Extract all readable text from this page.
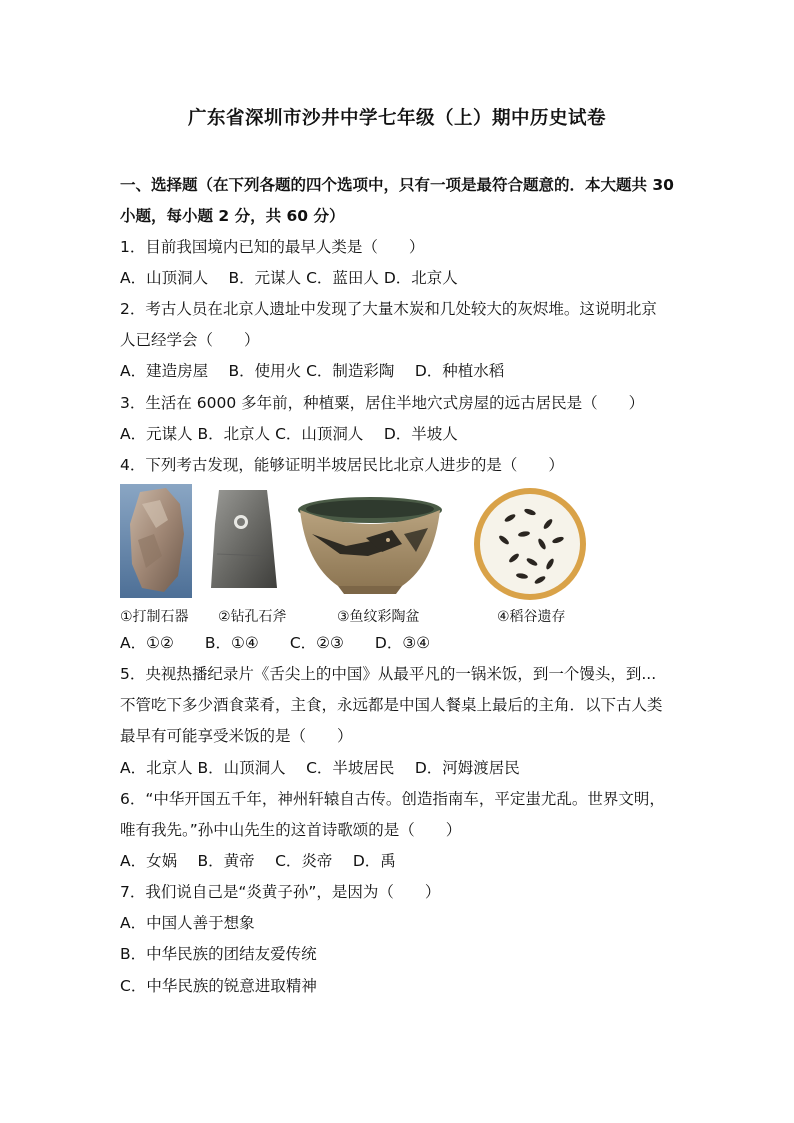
广东省深圳市沙井中学七年级（上）期中历史试卷
一、选择题（在下列各题的四个选项中，只有一项是最符合题意的．本大题共 30
小题，每小题 2 分，共 60 分）
1．目前我国境内已知的最早人类是（　　）
A．山顶洞人　 B．元谋人 C．蓝田人 D．北京人
2．考古人员在北京人遗址中发现了大量木炭和几处较大的灰烬堆。这说明北京
人已经学会（　　）
A．建造房屋　 B．使用火 C．制造彩陶　 D．种植水稻
3．生活在 6000 多年前，种植粟，居住半地穴式房屋的远古居民是（　　）
A．元谋人 B．北京人 C．山顶洞人　 D．半坡人
4．下列考古发现，能够证明半坡居民比北京人进步的是（　　）
①打制石器 ②钻孔石斧	③鱼纹彩陶盆	④稻谷遗存
A．①②　　B．①④　　C．②③　　D．③④
5．央视热播纪录片《舌尖上的中国》从最平凡的一锅米饭，到一个馒头，到...
不管吃下多少酒食菜肴，主食，永远都是中国人餐桌上最后的主角．以下古人类
最早有可能享受米饭的是（　　）
A．北京人 B．山顶洞人　 C．半坡居民　 D．河姆渡居民
6．“中华开国五千年，神州轩辕自古传。创造指南车，平定蚩尤乱。世界文明，
唯有我先。”孙中山先生的这首诗歌颂的是（　　）
A．女娲　 B．黄帝　 C．炎帝　 D．禹
7．我们说自己是“炎黄子孙”，是因为（　　）
A．中国人善于想象
B．中华民族的团结友爱传统
C．中华民族的锐意进取精神
